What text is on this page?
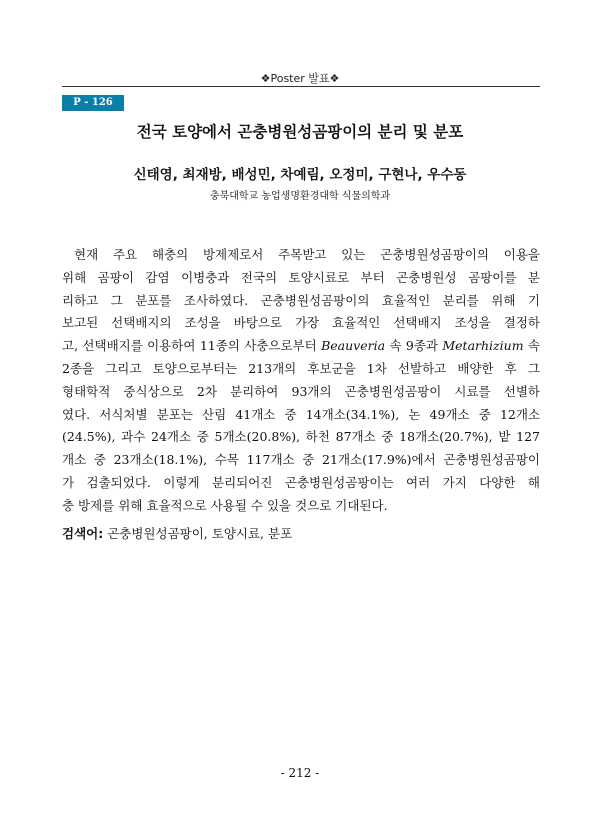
❖Poster 발표❖
P - 126
전국 토양에서 곤충병원성곰팡이의 분리 및 분포
신태영, 최재방, 배성민, 차예림, 오정미, 구현나, 우수동
충북대학교 농업생명환경대학 식물의학과
현재 주요 해충의 방제제로서 주목받고 있는 곤충병원성곰팡이의 이용을
위해 곰팡이 감염 이병충과 전국의 토양시료로 부터 곤충병원성 곰팡이를 분
리하고 그 분포를 조사하였다. 곤충병원성곰팡이의 효율적인 분리를 위해 기
보고된 선택배지의 조성을 바탕으로 가장 효율적인 선택배지 조성을 결정하
고, 선택배지를 이용하여 11종의 사충으로부터 Beauveria 속 9종과 Metarhizium 속
2종을 그리고 토양으로부터는 213개의 후보군을 1차 선발하고 배양한 후 그
형태학적 중식상으로 2차 분리하여 93개의 곤충병원성곰팡이 시료를 선별하
였다. 서식처별 분포는 산림 41개소 중 14개소(34.1%), 논 49개소 중 12개소
(24.5%), 과수 24개소 중 5개소(20.8%), 하천 87개소 중 18개소(20.7%), 밭 127
개소 중 23개소(18.1%), 수목 117개소 중 21개소(17.9%)에서 곤충병원성곰팡이
가 검출되었다. 이렇게 분리되어진 곤충병원성곰팡이는 여러 가지 다양한 해
충 방제를 위해 효율적으로 사용될 수 있을 것으로 기대된다.
검색어: 곤충병원성곰팡이, 토양시료, 분포
- 212 -
